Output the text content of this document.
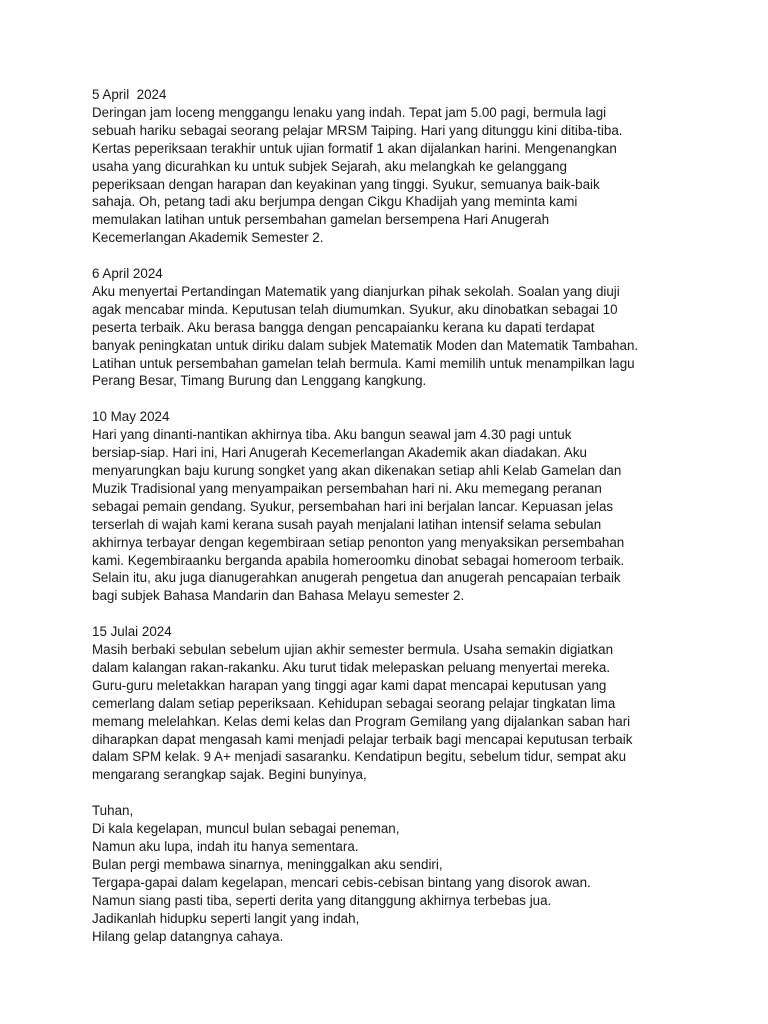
5 April  2024
Deringan jam loceng menggangu lenaku yang indah. Tepat jam 5.00 pagi, bermula lagi
sebuah hariku sebagai seorang pelajar MRSM Taiping. Hari yang ditunggu kini ditiba-tiba.
Kertas peperiksaan terakhir untuk ujian formatif 1 akan dijalankan harini. Mengenangkan
usaha yang dicurahkan ku untuk subjek Sejarah, aku melangkah ke gelanggang
peperiksaan dengan harapan dan keyakinan yang tinggi. Syukur, semuanya baik-baik
sahaja. Oh, petang tadi aku berjumpa dengan Cikgu Khadijah yang meminta kami
memulakan latihan untuk persembahan gamelan bersempena Hari Anugerah
Kecemerlangan Akademik Semester 2.
6 April 2024
Aku menyertai Pertandingan Matematik yang dianjurkan pihak sekolah. Soalan yang diuji
agak mencabar minda. Keputusan telah diumumkan. Syukur, aku dinobatkan sebagai 10
peserta terbaik. Aku berasa bangga dengan pencapaianku kerana ku dapati terdapat
banyak peningkatan untuk diriku dalam subjek Matematik Moden dan Matematik Tambahan.
Latihan untuk persembahan gamelan telah bermula. Kami memilih untuk menampilkan lagu
Perang Besar, Timang Burung dan Lenggang kangkung.
10 May 2024
Hari yang dinanti-nantikan akhirnya tiba. Aku bangun seawal jam 4.30 pagi untuk
bersiap-siap. Hari ini, Hari Anugerah Kecemerlangan Akademik akan diadakan. Aku
menyarungkan baju kurung songket yang akan dikenakan setiap ahli Kelab Gamelan dan
Muzik Tradisional yang menyampaikan persembahan hari ni. Aku memegang peranan
sebagai pemain gendang. Syukur, persembahan hari ini berjalan lancar. Kepuasan jelas
terserlah di wajah kami kerana susah payah menjalani latihan intensif selama sebulan
akhirnya terbayar dengan kegembiraan setiap penonton yang menyaksikan persembahan
kami. Kegembiraanku berganda apabila homeroomku dinobat sebagai homeroom terbaik.
Selain itu, aku juga dianugerahkan anugerah pengetua dan anugerah pencapaian terbaik
bagi subjek Bahasa Mandarin dan Bahasa Melayu semester 2.
15 Julai 2024
Masih berbaki sebulan sebelum ujian akhir semester bermula. Usaha semakin digiatkan
dalam kalangan rakan-rakanku. Aku turut tidak melepaskan peluang menyertai mereka.
Guru-guru meletakkan harapan yang tinggi agar kami dapat mencapai keputusan yang
cemerlang dalam setiap peperiksaan. Kehidupan sebagai seorang pelajar tingkatan lima
memang melelahkan. Kelas demi kelas dan Program Gemilang yang dijalankan saban hari
diharapkan dapat mengasah kami menjadi pelajar terbaik bagi mencapai keputusan terbaik
dalam SPM kelak. 9 A+ menjadi sasaranku. Kendatipun begitu, sebelum tidur, sempat aku
mengarang serangkap sajak. Begini bunyinya,
Tuhan,
Di kala kegelapan, muncul bulan sebagai peneman,
Namun aku lupa, indah itu hanya sementara.
Bulan pergi membawa sinarnya, meninggalkan aku sendiri,
Tergapa-gapai dalam kegelapan, mencari cebis-cebisan bintang yang disorok awan.
Namun siang pasti tiba, seperti derita yang ditanggung akhirnya terbebas jua.
Jadikanlah hidupku seperti langit yang indah,
Hilang gelap datangnya cahaya.
